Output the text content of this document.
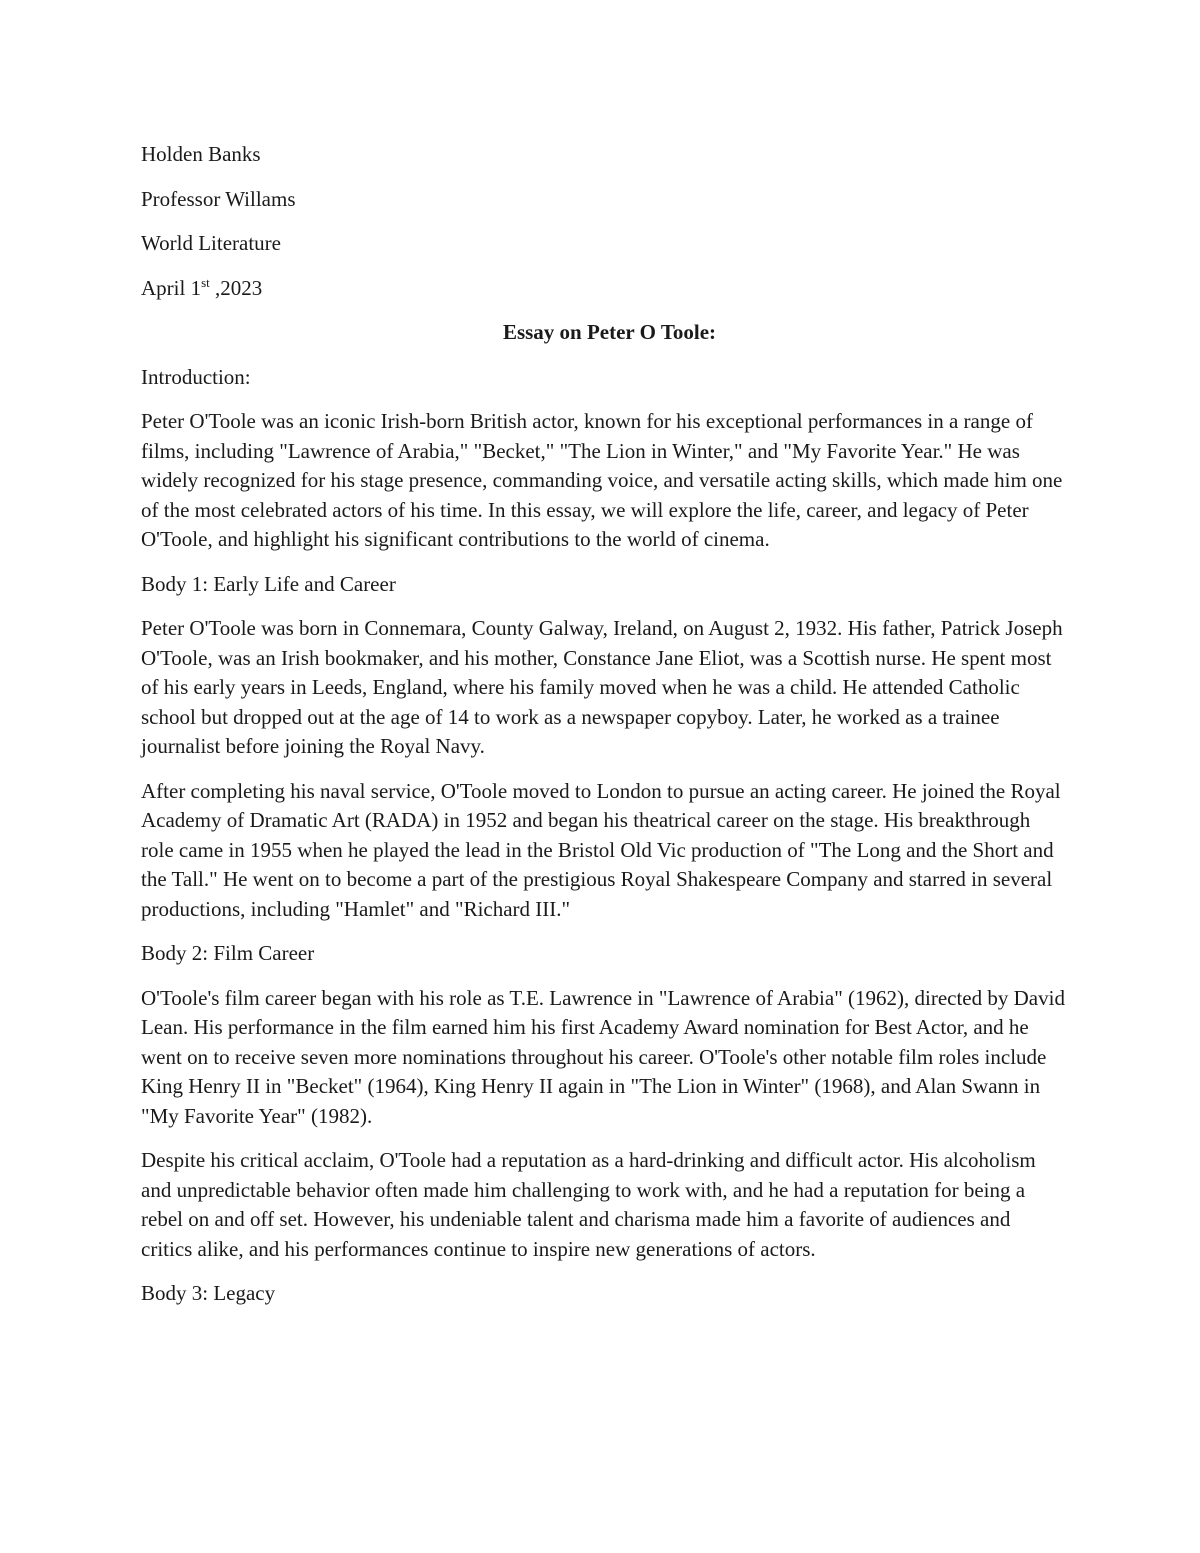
Holden Banks

Professor Willams

World Literature

April 1st ,2023

Essay on Peter O Toole:

Introduction:

Peter O'Toole was an iconic Irish-born British actor, known for his exceptional performances in a range of films, including "Lawrence of Arabia," "Becket," "The Lion in Winter," and "My Favorite Year." He was widely recognized for his stage presence, commanding voice, and versatile acting skills, which made him one of the most celebrated actors of his time. In this essay, we will explore the life, career, and legacy of Peter O'Toole, and highlight his significant contributions to the world of cinema.

Body 1: Early Life and Career

Peter O'Toole was born in Connemara, County Galway, Ireland, on August 2, 1932. His father, Patrick Joseph O'Toole, was an Irish bookmaker, and his mother, Constance Jane Eliot, was a Scottish nurse. He spent most of his early years in Leeds, England, where his family moved when he was a child. He attended Catholic school but dropped out at the age of 14 to work as a newspaper copyboy. Later, he worked as a trainee journalist before joining the Royal Navy.

After completing his naval service, O'Toole moved to London to pursue an acting career. He joined the Royal Academy of Dramatic Art (RADA) in 1952 and began his theatrical career on the stage. His breakthrough role came in 1955 when he played the lead in the Bristol Old Vic production of "The Long and the Short and the Tall." He went on to become a part of the prestigious Royal Shakespeare Company and starred in several productions, including "Hamlet" and "Richard III."

Body 2: Film Career

O'Toole's film career began with his role as T.E. Lawrence in "Lawrence of Arabia" (1962), directed by David Lean. His performance in the film earned him his first Academy Award nomination for Best Actor, and he went on to receive seven more nominations throughout his career. O'Toole's other notable film roles include King Henry II in "Becket" (1964), King Henry II again in "The Lion in Winter" (1968), and Alan Swann in "My Favorite Year" (1982).

Despite his critical acclaim, O'Toole had a reputation as a hard-drinking and difficult actor. His alcoholism and unpredictable behavior often made him challenging to work with, and he had a reputation for being a rebel on and off set. However, his undeniable talent and charisma made him a favorite of audiences and critics alike, and his performances continue to inspire new generations of actors.

Body 3: Legacy
